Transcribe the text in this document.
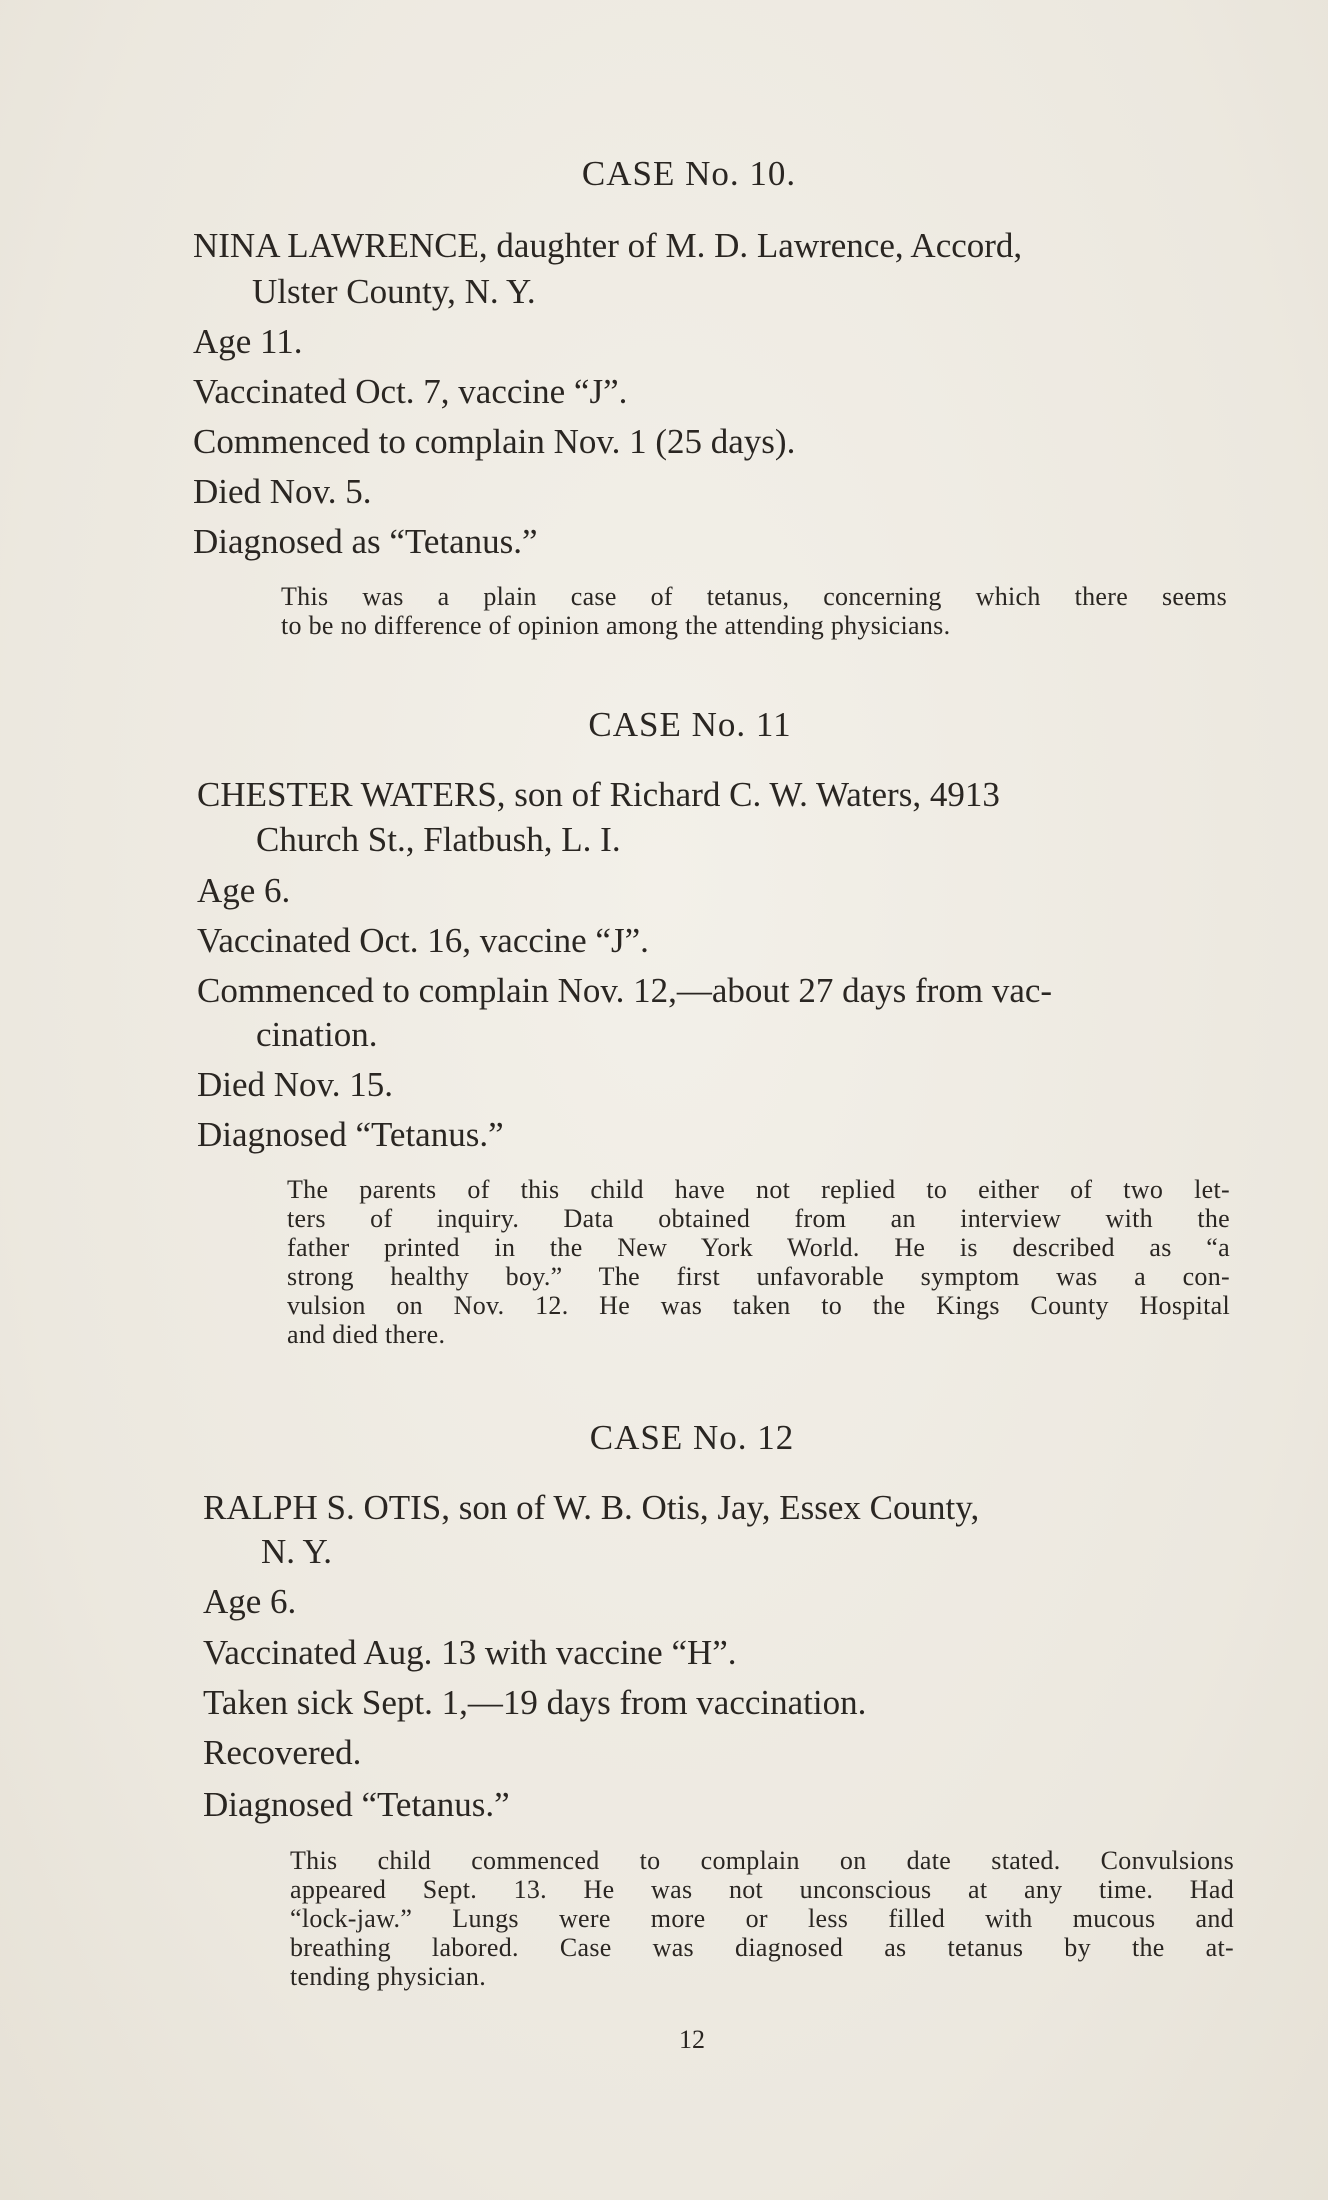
CASE No. 10.
NINA LAWRENCE, daughter of M. D. Lawrence, Accord,
Ulster County, N. Y.
Age 11.
Vaccinated Oct. 7, vaccine “J”.
Commenced to complain Nov. 1 (25 days).
Died Nov. 5.
Diagnosed as “Tetanus.”
This was a plain case of tetanus, concerning which there seems
to be no difference of opinion among the attending physicians.
CASE No. 11
CHESTER WATERS, son of Richard C. W. Waters, 4913
Church St., Flatbush, L. I.
Age 6.
Vaccinated Oct. 16, vaccine “J”.
Commenced to complain Nov. 12,—about 27 days from vac-
cination.
Died Nov. 15.
Diagnosed “Tetanus.”
The parents of this child have not replied to either of two let-
ters of inquiry. Data obtained from an interview with the
father printed in the New York World. He is described as “a
strong healthy boy.” The first unfavorable symptom was a con-
vulsion on Nov. 12. He was taken to the Kings County Hospital
and died there.
CASE No. 12
RALPH S. OTIS, son of W. B. Otis, Jay, Essex County,
N. Y.
Age 6.
Vaccinated Aug. 13 with vaccine “H”.
Taken sick Sept. 1,—19 days from vaccination.
Recovered.
Diagnosed “Tetanus.”
This child commenced to complain on date stated. Convulsions
appeared Sept. 13. He was not unconscious at any time. Had
“lock-jaw.” Lungs were more or less filled with mucous and
breathing labored. Case was diagnosed as tetanus by the at-
tending physician.
12
